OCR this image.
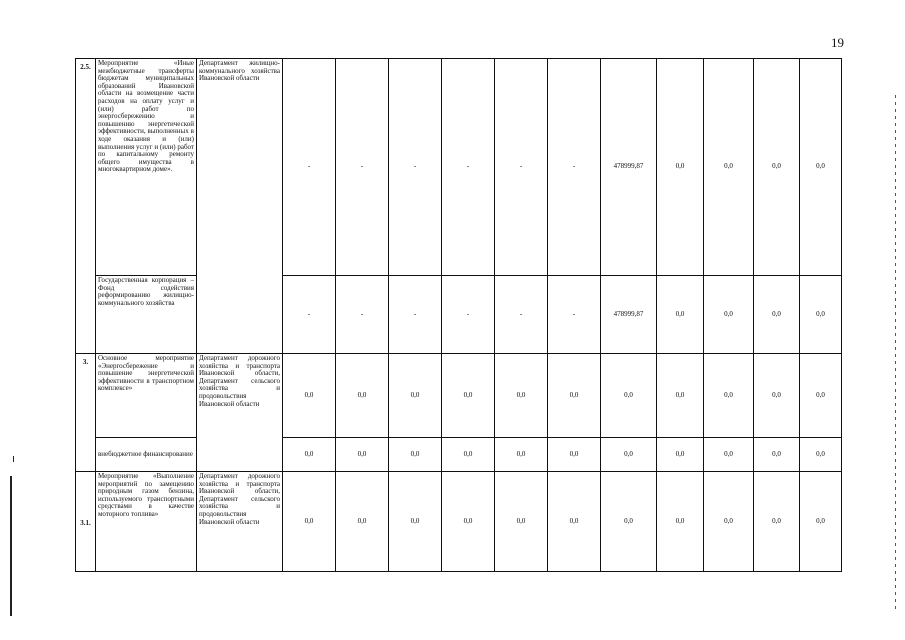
19
2.5.	Мероприятие «Иные межбюджетные трансферты бюджетам муниципальных образований Ивановской области на возмещение части расходов на оплату услуг и (или) работ по энергосбережению и повышению энергетической эффективности, выполненных в ходе оказания и (или) выполнения услуг и (или) работ по капитальному ремонту общего имущества в многоквартирном доме».	Департамент жилищно-коммунального хозяйства Ивановской области	-	-	-	-	-	-	478999,87	0,0	0,0	0,0	0,0
	Государственная корпорация – Фонд содействия реформированию жилищно-коммунального хозяйства		-	-	-	-	-	-	478999,87	0,0	0,0	0,0	0,0
3.	Основное мероприятие «Энергосбережение и повышение энергетической эффективности в транспортном комплексе»	Департамент дорожного хозяйства и транспорта Ивановской области, Департамент сельского хозяйства и продовольствия Ивановской области	0,0	0,0	0,0	0,0	0,0	0,0	0,0	0,0	0,0	0,0	0,0
	внебюджетное финансирование		0,0	0,0	0,0	0,0	0,0	0,0	0,0	0,0	0,0	0,0	0,0
3.1.	Мероприятие «Выполнение мероприятий по замещению природным газом бензина, используемого транспортными средствами в качестве моторного топлива»	Департамент дорожного хозяйства и транспорта Ивановской области, Департамент сельского хозяйства и продовольствия Ивановской области	0,0	0,0	0,0	0,0	0,0	0,0	0,0	0,0	0,0	0,0	0,0
